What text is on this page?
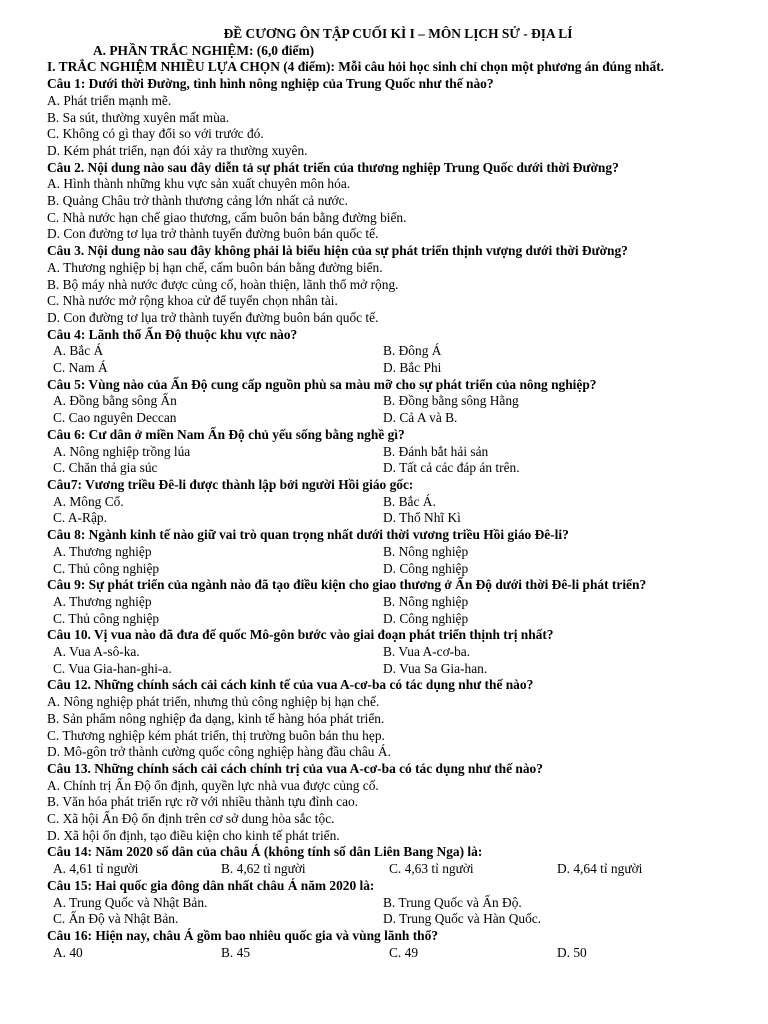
ĐỀ CƯƠNG ÔN TẬP CUỐI KÌ I – MÔN LỊCH SỬ - ĐỊA LÍ
A. PHẦN TRẮC NGHIỆM: (6,0 điểm)
I. TRẮC NGHIỆM NHIỀU LỰA CHỌN (4 điểm): Mỗi câu hỏi học sinh chỉ chọn một phương án đúng nhất.
Câu 1: Dưới thời Đường, tình hình nông nghiệp của Trung Quốc như thế nào?
A. Phát triển mạnh mẽ.
B. Sa sút, thường xuyên mất mùa.
C. Không có gì thay đổi so với trước đó.
D. Kém phát triển, nạn đói xảy ra thường xuyên.
Câu 2. Nội dung nào sau đây diễn tả sự phát triển của thương nghiệp Trung Quốc dưới thời Đường?
A. Hình thành những khu vực sản xuất chuyên môn hóa.
B. Quảng Châu trở thành thương cảng lớn nhất cả nước.
C. Nhà nước hạn chế giao thương, cấm buôn bán bằng đường biển.
D. Con đường tơ lụa trở thành tuyến đường buôn bán quốc tế.
Câu 3. Nội dung nào sau đây không phải là biểu hiện của sự phát triển thịnh vượng dưới thời Đường?
A. Thương nghiệp bị hạn chế, cấm buôn bán bằng đường biển.
B. Bộ máy nhà nước được củng cố, hoàn thiện, lãnh thổ mở rộng.
C. Nhà nước mở rộng khoa cử để tuyển chọn nhân tài.
D. Con đường tơ lụa trở thành tuyến đường buôn bán quốc tế.
Câu 4: Lãnh thổ Ấn Độ thuộc khu vực nào?
A. Bắc Á	B. Đông Á
C. Nam Á	D. Bắc Phi
Câu 5: Vùng nào của Ấn Độ cung cấp nguồn phù sa màu mỡ cho sự phát triển của nông nghiệp?
A. Đồng bằng sông Ấn	B. Đồng bằng sông Hằng
C. Cao nguyên Deccan	D. Cả A và B.
Câu 6: Cư dân ở miền Nam Ấn Độ chủ yếu sống bằng nghề gì?
A. Nông nghiệp trồng lúa	B. Đánh bắt hải sản
C. Chăn thả gia súc	D. Tất cả các đáp án trên.
Câu7: Vương triều Đê-li được thành lập bởi người Hồi giáo gốc:
A. Mông Cổ.	B. Bắc Á.
C. A-Rập.	D. Thổ Nhĩ Kì
Câu 8: Ngành kinh tế nào giữ vai trò quan trọng nhất dưới thời vương triều Hồi giáo Đê-li?
A. Thương nghiệp	B. Nông nghiệp
C. Thủ công nghiệp	D. Công nghiệp
Câu 9: Sự phát triển của ngành nào đã tạo điều kiện cho giao thương ở Ấn Độ dưới thời Đê-li phát triển?
A. Thương nghiệp	B. Nông nghiệp
C. Thủ công nghiệp	D. Công nghiệp
Câu 10. Vị vua nào đã đưa đế quốc Mô-gôn bước vào giai đoạn phát triển thịnh trị nhất?
A. Vua A-sô-ka.	B. Vua A-cơ-ba.
C. Vua Gia-han-ghi-a.	D. Vua Sa Gia-han.
Câu 12. Những chính sách cải cách kinh tế của vua A-cơ-ba có tác dụng như thế nào?
A. Nông nghiệp phát triển, nhưng thủ công nghiệp bị hạn chế.
B. Sản phẩm nông nghiệp đa dạng, kinh tế hàng hóa phát triển.
C. Thương nghiệp kém phát triển, thị trường buôn bán thu hẹp.
D. Mô-gôn trở thành cường quốc công nghiệp hàng đầu châu Á.
Câu 13. Những chính sách cải cách chính trị của vua A-cơ-ba có tác dụng như thế nào?
A. Chính trị Ấn Độ ổn định, quyền lực nhà vua được củng cố.
B. Văn hóa phát triển rực rỡ với nhiều thành tựu đỉnh cao.
C. Xã hội Ấn Độ ổn định trên cơ sở dung hòa sắc tộc.
D. Xã hội ổn định, tạo điều kiện cho kinh tế phát triển.
Câu 14: Năm 2020 số dân của châu Á (không tính số dân Liên Bang Nga) là:
A. 4,61 tỉ người	B. 4,62 tỉ người	C. 4,63 tỉ người	D. 4,64 tỉ người
Câu 15: Hai quốc gia đông dân nhất châu Á năm 2020 là:
A. Trung Quốc và Nhật Bản.	B. Trung Quốc và Ấn Độ.
C. Ấn Độ và Nhật Bản.	D. Trung Quốc và Hàn Quốc.
Câu 16: Hiện nay, châu Á gồm bao nhiêu quốc gia và vùng lãnh thổ?
A. 40	B. 45	C. 49	D. 50
